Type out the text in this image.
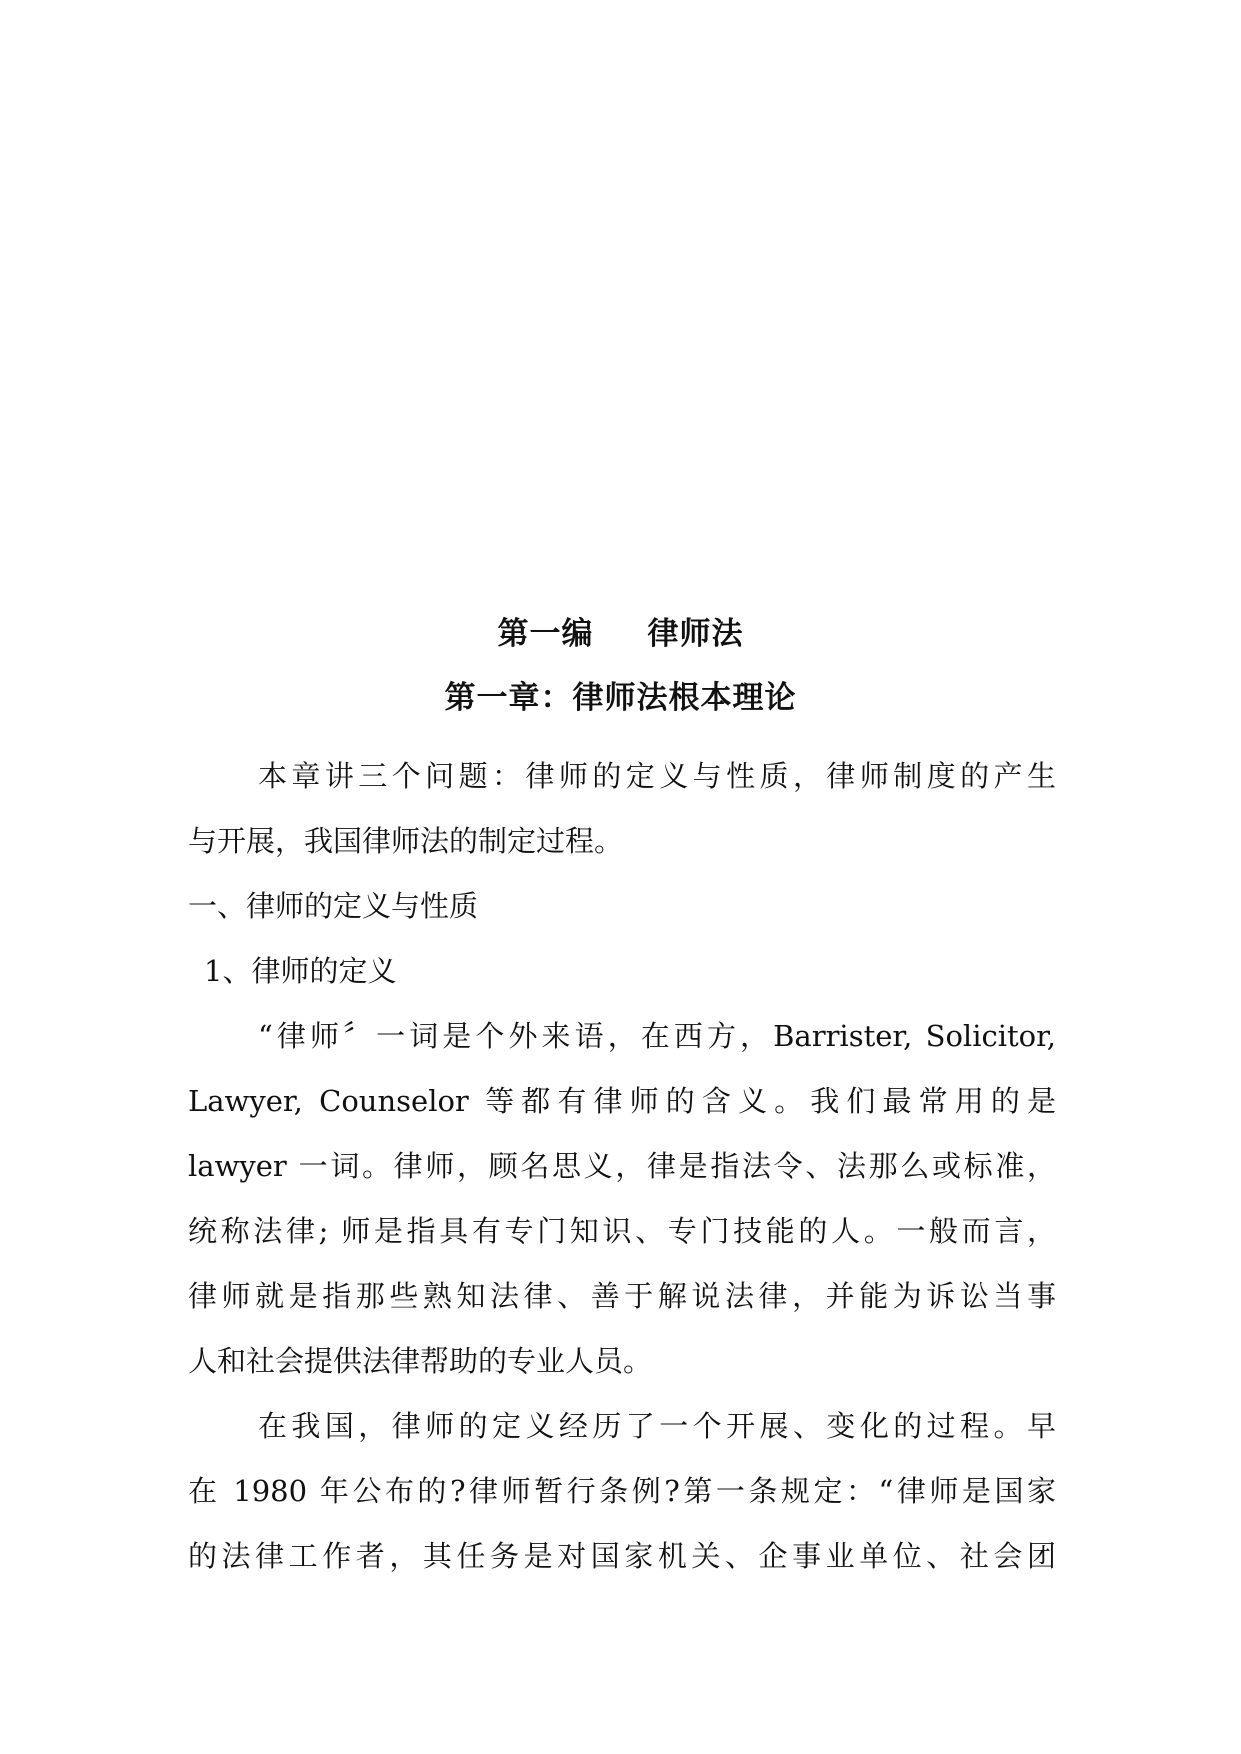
第一编 律师法
第一章：律师法根本理论
本章讲三个问题：律师的定义与性质，律师制度的产生
与开展，我国律师法的制定过程。
一、律师的定义与性质
1、律师的定义
“律师〞一词是个外来语，在西方，Barrister, Solicitor,
Lawyer, Counselor 等都有律师的含义。我们最常用的是
lawyer 一词。律师，顾名思义，律是指法令、法那么或标准，
统称法律; 师是指具有专门知识、专门技能的人。一般而言，
律师就是指那些熟知法律、善于解说法律，并能为诉讼当事
人和社会提供法律帮助的专业人员。
在我国，律师的定义经历了一个开展、变化的过程。早
在 1980 年公布的?律师暂行条例?第一条规定：“律师是国家
的法律工作者，其任务是对国家机关、企事业单位、社会团
